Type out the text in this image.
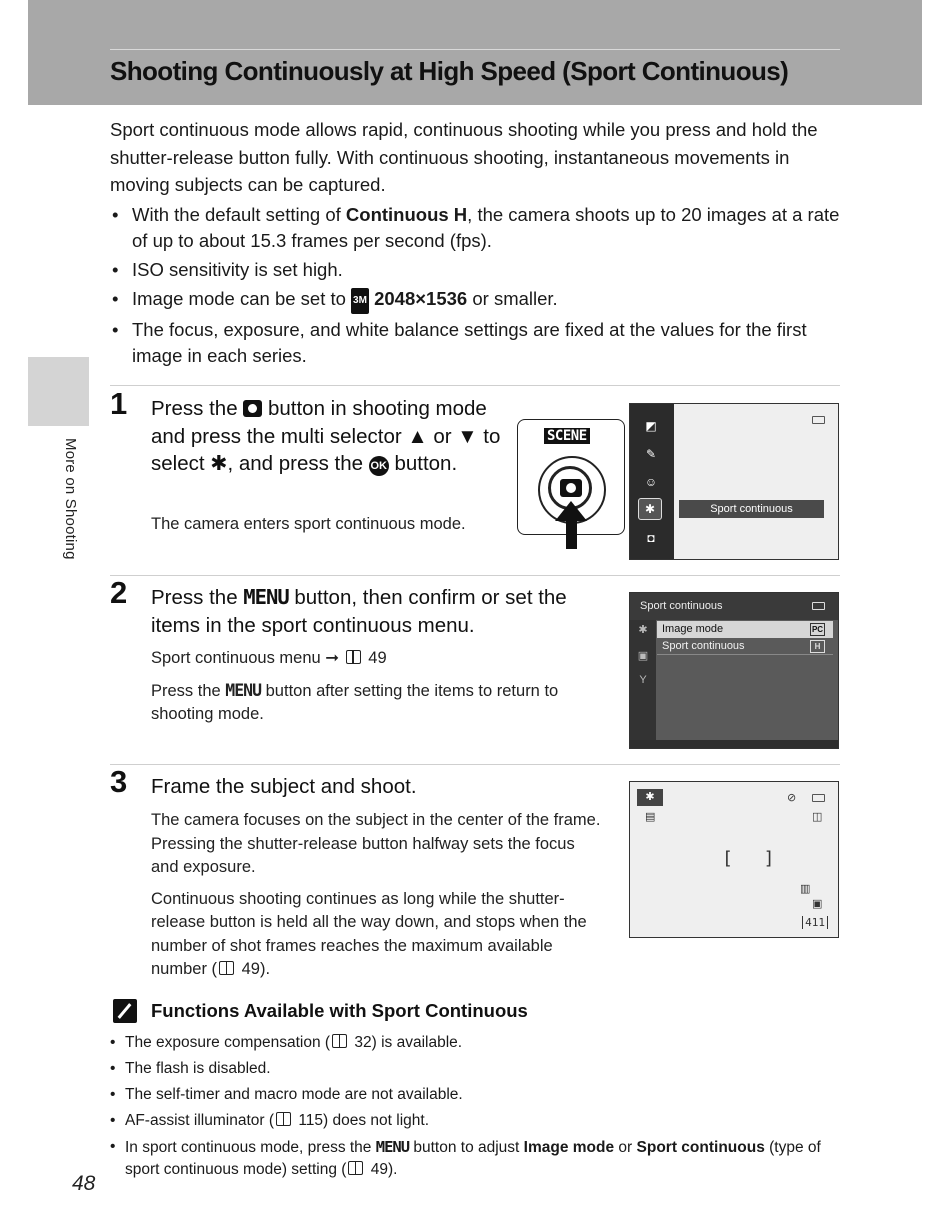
Shooting Continuously at High Speed (Sport Continuous)
More on Shooting
48

Sport continuous mode allows rapid, continuous shooting while you press and hold the shutter-release button fully. With continuous shooting, instantaneous movements in moving subjects can be captured.

• With the default setting of Continuous H, the camera shoots up to 20 images at a rate of up to about 15.3 frames per second (fps).
• ISO sensitivity is set high.
• Image mode can be set to 3M 2048×1536 or smaller.
• The focus, exposure, and white balance settings are fixed at the values for the first image in each series.
1 Press the  button in shooting mode and press the multi selector ▲ or ▼ to select ✱, and press the OK button.
The camera enters sport continuous mode.
SCENE
◩
✎
☺
✱
◘
Sport continuous
2 Press the MENU button, then confirm or set the items in the sport continuous menu.

Sport continuous menu ➞  49

Press the MENU button after setting the items to return to shooting mode.

Sport continuous
✱
▣
Y
Image mode	PC
Sport continuous	H
3 Frame the subject and shoot.

The camera focuses on the subject in the center of the frame. Pressing the shutter-release button halfway sets the focus and exposure.

Continuous shooting continues as long while the shutter-release button is held all the way down, and stops when the number of shot frames reaches the maximum available number ( 49).

✱
▤
⊘
◫
[ ]
▥
▣
411
Functions Available with Sport Continuous
• The exposure compensation ( 32) is available.
• The flash is disabled.
• The self-timer and macro mode are not available.
• AF-assist illuminator ( 115) does not light.
• In sport continuous mode, press the MENU button to adjust Image mode or Sport continuous (type of sport continuous mode) setting ( 49).
